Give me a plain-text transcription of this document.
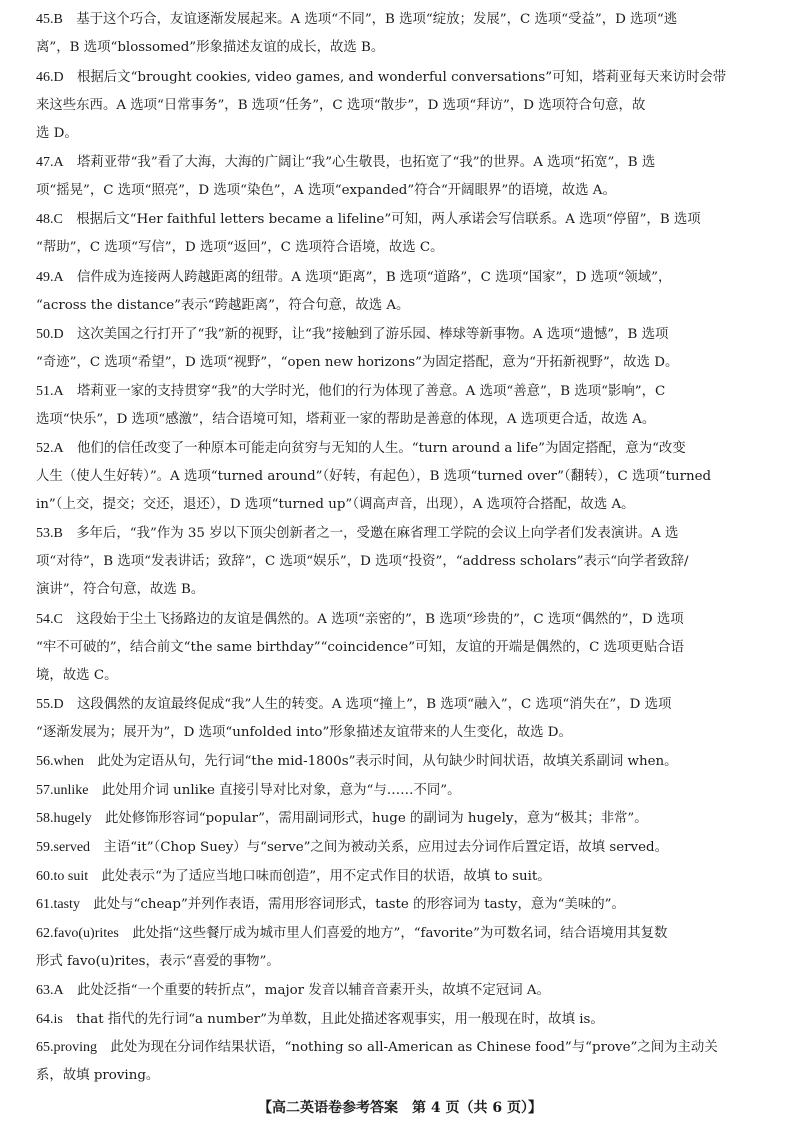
45.B　基于这个巧合，友谊逐渐发展起来。A 选项“不同”，B 选项“绽放；发展”，C 选项“受益”，D 选项“逃
离”，B 选项“blossomed”形象描述友谊的成长，故选 B。
46.D　根据后文“brought cookies, video games, and wonderful conversations”可知，塔莉亚每天来访时会带
来这些东西。A 选项“日常事务”，B 选项“任务”，C 选项“散步”，D 选项“拜访”，D 选项符合句意，故
选 D。
47.A　塔莉亚带“我”看了大海，大海的广阔让“我”心生敬畏，也拓宽了“我”的世界。A 选项“拓宽”，B 选
项“摇晃”，C 选项“照亮”，D 选项“染色”，A 选项“expanded”符合“开阔眼界”的语境，故选 A。
48.C　根据后文“Her faithful letters became a lifeline”可知，两人承诺会写信联系。A 选项“停留”，B 选项
“帮助”，C 选项“写信”，D 选项“返回”，C 选项符合语境，故选 C。
49.A　信件成为连接两人跨越距离的纽带。A 选项“距离”，B 选项“道路”，C 选项“国家”，D 选项“领域”，
“across the distance”表示“跨越距离”，符合句意，故选 A。
50.D　这次美国之行打开了“我”新的视野，让“我”接触到了游乐园、棒球等新事物。A 选项“遗憾”，B 选项
“奇迹”，C 选项“希望”，D 选项“视野”，“open new horizons”为固定搭配，意为“开拓新视野”，故选 D。
51.A　塔莉亚一家的支持贯穿“我”的大学时光，他们的行为体现了善意。A 选项“善意”，B 选项“影响”，C
选项“快乐”，D 选项“感激”，结合语境可知，塔莉亚一家的帮助是善意的体现，A 选项更合适，故选 A。
52.A　他们的信任改变了一种原本可能走向贫穷与无知的人生。“turn around a life”为固定搭配，意为“改变
人生（使人生好转）”。A 选项“turned around”（好转，有起色），B 选项“turned over”（翻转），C 选项“turned
in”（上交，提交；交还，退还），D 选项“turned up”（调高声音，出现），A 选项符合搭配，故选 A。
53.B　多年后，“我”作为 35 岁以下顶尖创新者之一，受邀在麻省理工学院的会议上向学者们发表演讲。A 选
项“对待”，B 选项“发表讲话；致辞”，C 选项“娱乐”，D 选项“投资”，“address scholars”表示“向学者致辞/
演讲”，符合句意，故选 B。
54.C　这段始于尘土飞扬路边的友谊是偶然的。A 选项“亲密的”，B 选项“珍贵的”，C 选项“偶然的”，D 选项
“牢不可破的”，结合前文“the same birthday”“coincidence”可知，友谊的开端是偶然的，C 选项更贴合语
境，故选 C。
55.D　这段偶然的友谊最终促成“我”人生的转变。A 选项“撞上”，B 选项“融入”，C 选项“消失在”，D 选项
“逐渐发展为；展开为”，D 选项“unfolded into”形象描述友谊带来的人生变化，故选 D。
56.when　此处为定语从句，先行词“the mid-1800s”表示时间，从句缺少时间状语，故填关系副词 when。
57.unlike　此处用介词 unlike 直接引导对比对象，意为“与……不同”。
58.hugely　此处修饰形容词“popular”，需用副词形式，huge 的副词为 hugely，意为“极其；非常”。
59.served　主语“it”（Chop Suey）与“serve”之间为被动关系，应用过去分词作后置定语，故填 served。
60.to suit　此处表示“为了适应当地口味而创造”，用不定式作目的状语，故填 to suit。
61.tasty　此处与“cheap”并列作表语，需用形容词形式，taste 的形容词为 tasty，意为“美味的”。
62.favo(u)rites　此处指“这些餐厅成为城市里人们喜爱的地方”，“favorite”为可数名词，结合语境用其复数
形式 favo(u)rites，表示“喜爱的事物”。
63.A　此处泛指“一个重要的转折点”，major 发音以辅音音素开头，故填不定冠词 A。
64.is　that 指代的先行词“a number”为单数，且此处描述客观事实，用一般现在时，故填 is。
65.proving　此处为现在分词作结果状语，“nothing so all-American as Chinese food”与“prove”之间为主动关
系，故填 proving。
【高二英语卷参考答案　第 4 页（共 6 页）】
